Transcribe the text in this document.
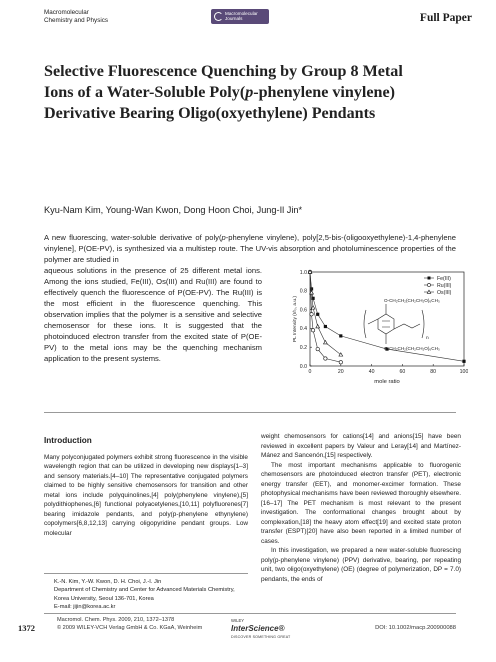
Macromolecular
Chemistry and Physics
Macromolecular
Journals	Full Paper
Selective Fluorescence Quenching by Group 8 Metal Ions of a Water-Soluble Poly(p-phenylene vinylene) Derivative Bearing Oligo(oxyethylene) Pendants
Kyu-Nam Kim, Young-Wan Kwon, Dong Hoon Choi, Jung-Il Jin*
A new fluorescing, water-soluble derivative of poly(p-phenylene vinylene), poly[2,5-bis-(oligooxyethylene)-1,4-phenylene vinylene], P(OE-PV), is synthesized via a multistep route. The UV-vis absorption and photoluminescence properties of the polymer are studied in
aqueous solutions in the presence of 25 different metal ions. Among the ions studied, Fe(III), Os(III) and Ru(III) are found to effectively quench the fluorescence of P(OE-PV). The Ru(III) is the most efficient in the fluorescence quenching. This observation implies that the polymer is a sensitive and selective chemosensor for these ions. It is suggested that the photoinduced electron transfer from the excited state of P(OE-PV) to the metal ions may be the quenching mechanism application to the present systems.
0	20	40	60	80	100
0.0
0.2
0.4
0.6
0.8
1.0
mole ratio
PL Intensity (I/I₀, a.u.)
Fe(III)
Ru(III)
Os(III)
O-CH₂CH₂(CH₂CH₂O)₆CH₃
O-CH₂CH₂(CH₂CH₂O)₆CH₃
n
Introduction

Many polyconjugated polymers exhibit strong fluorescence in the visible wavelength region that can be utilized in developing new displays[1–3] and sensory materials.[4–10] The representative conjugated polymers claimed to be highly sensitive chemosensors for transition and other metal ions include polyquinolines,[4] poly(phenylene vinylene),[5] polydithiophenes,[6] functional polyacetylenes,[10,11] polyfluorenes[7] bearing imidazole pendants, and poly(p-phenylene ethynylene) copolymers[6,8,12,13] carrying oligopyridine pendant groups. Low molecular

weight chemosensors for cations[14] and anions[15] have been reviewed in excellent papers by Valeur and Leray[14] and Martínez-Mánez and Sancenón,[15] respectively.

The most important mechanisms applicable to fluorogenic chemosensors are photoinduced electron transfer (PET), electronic energy transfer (EET), and monomer-excimer formation. These photophysical mechanisms have been reviewed thoroughly elsewhere.[16–17] The PET mechanism is most relevant to the present investigation. The conformational changes brought about by complexation,[18] the heavy atom effect[19] and excited state proton transfer (ESPT)[20] have also been reported in a limited number of cases.

In this investigation, we prepared a new water-soluble fluorescing poly(p-phenylene vinylene) (PPV) derivative, bearing, per repeating unit, two oligo(oxyethylene) (OE) (degree of polymerization, DP = 7.0) pendants, the ends of

K.-N. Kim, Y.-W. Kwon, D. H. Choi, J.-I. Jin
Department of Chemistry and Center for Advanced Materials Chemistry, Korea University, Seoul 136-701, Korea
E-mail: jijin@korea.ac.kr
1372
Macromol. Chem. Phys. 2009, 210, 1372–1378
© 2009 WILEY-VCH Verlag GmbH & Co. KGaA, Weinheim
WILEY
InterScience®
DISCOVER SOMETHING GREAT
DOI: 10.1002/macp.200900088
